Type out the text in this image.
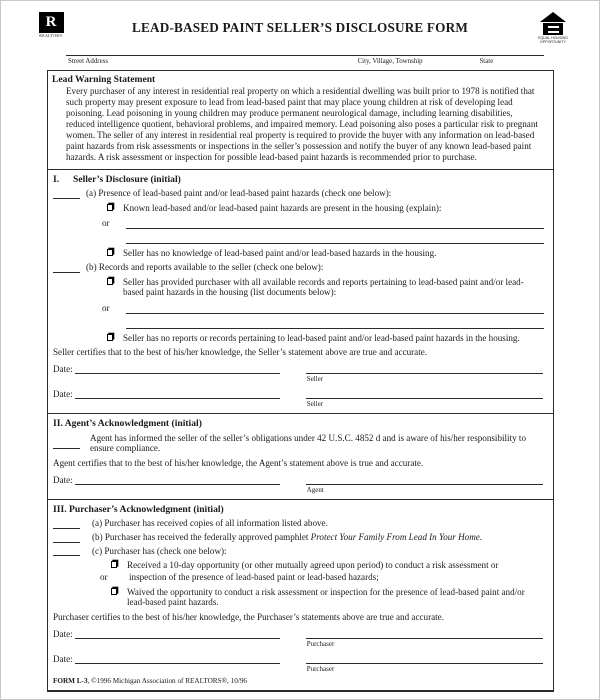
R
REALTOR®
LEAD-BASED PAINT SELLER’S DISCLOSURE FORM
EQUAL HOUSING OPPORTUNITY
Street Address	City, Village, Township	State
Lead Warning Statement
Every purchaser of any interest in residential real property on which a residential dwelling was built prior to 1978 is notified that such property may present exposure to lead from lead-based paint that may place young children at risk of developing lead poisoning. Lead poisoning in young children may produce permanent neurological damage, including learning disabilities, reduced intelligence quotient, behavioral problems, and impaired memory. Lead poisoning also poses a particular risk to pregnant women. The seller of any interest in residential real property is required to provide the buyer with any information on lead-based paint hazards from risk assessments or inspections in the seller’s possession and notify the buyer of any known lead-based paint hazards. A risk assessment or inspection for possible lead-based paint hazards is recommended prior to purchase.
I. Seller’s Disclosure (initial)
(a) Presence of lead-based paint and/or lead-based paint hazards (check one below):
Known lead-based and/or lead-based paint hazards are present in the housing (explain):
or
Seller has no knowledge of lead-based paint and/or lead-based hazards in the housing.
(b) Records and reports available to the seller (check one below):
Seller has provided purchaser with all available records and reports pertaining to lead-based paint and/or lead-based paint hazards in the housing (list documents below):
or
Seller has no reports or records pertaining to lead-based paint and/or lead-based paint hazards in the housing.
Seller certifies that to the best of his/her knowledge, the Seller’s statement above are true and accurate.
Date:
Seller
Date:
Seller
II. Agent’s Acknowledgment (initial)
Agent has informed the seller of the seller’s obligations under 42 U.S.C. 4852 d and is aware of his/her responsibility to ensure compliance.
Agent certifies that to the best of his/her knowledge, the Agent’s statement above is true and accurate.
Date:
Agent
III. Purchaser’s Acknowledgment (initial)
(a) Purchaser has received copies of all information listed above.
(b) Purchaser has received the federally approved pamphlet Protect Your Family From Lead In Your Home.
(c) Purchaser has (check one below):
Received a 10-day opportunity (or other mutually agreed upon period) to conduct a risk assessment or
or	inspection of the presence of lead-based paint or lead-based hazards;
Waived the opportunity to conduct a risk assessment or inspection for the presence of lead-based paint and/or lead-based paint hazards.
Purchaser certifies to the best of his/her knowledge, the Purchaser’s statements above are true and accurate.
Date:
Purchaser
Date:
Purchaser
FORM L-3, ©1996 Michigan Association of REALTORS®, 10/96
